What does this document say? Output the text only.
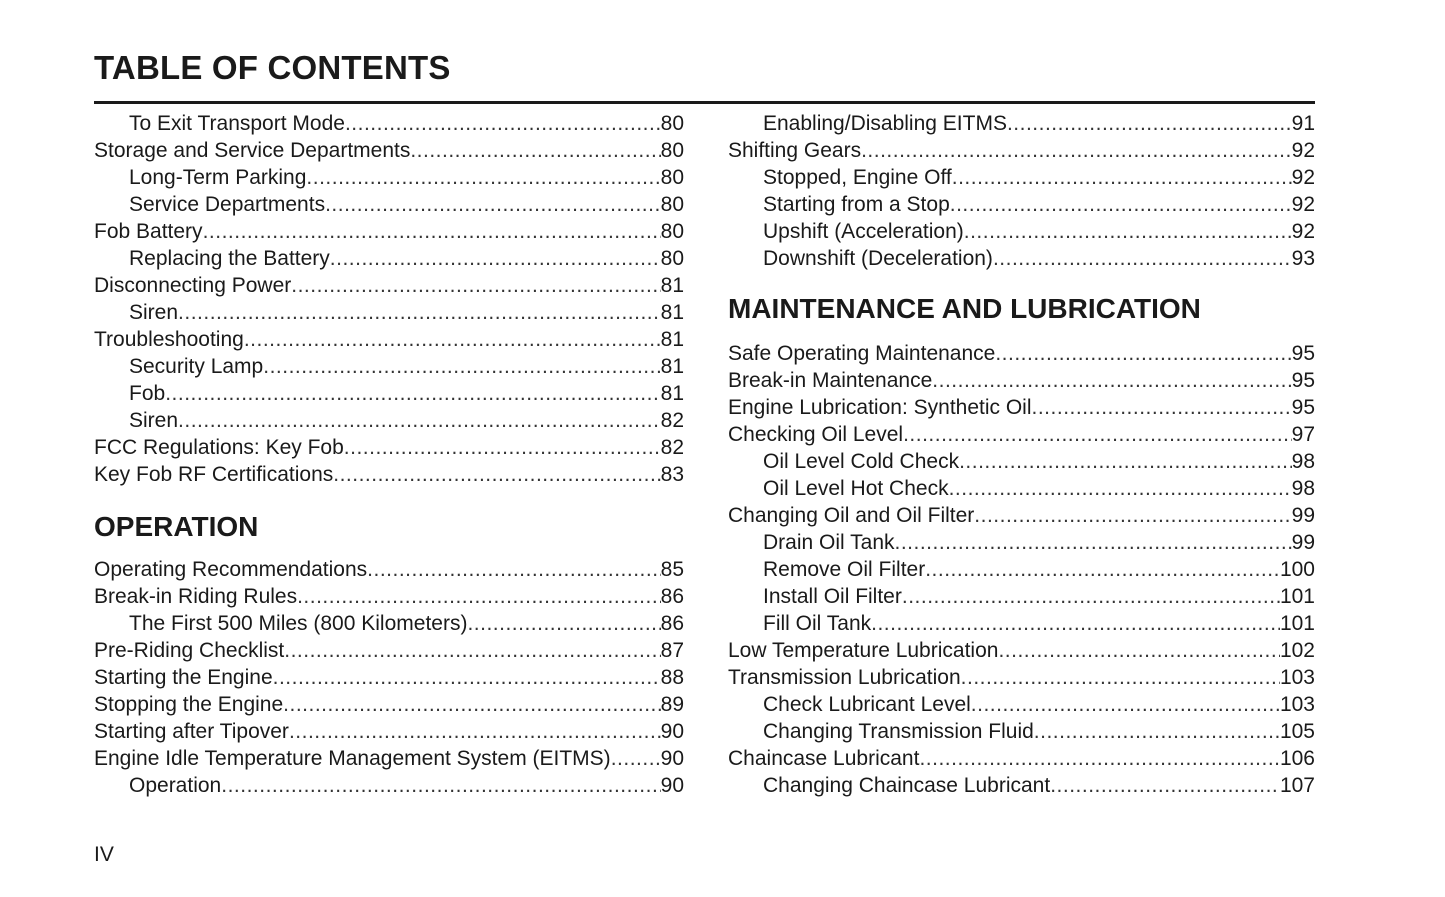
TABLE OF CONTENTS
To Exit Transport Mode .....	80
Storage and Service Departments .....	80
Long-Term Parking .....	80
Service Departments .....	80
Fob Battery .....	80
Replacing the Battery .....	80
Disconnecting Power .....	81
Siren .....	81
Troubleshooting .....	81
Security Lamp .....	81
Fob .....	81
Siren .....	82
FCC Regulations: Key Fob .....	82
Key Fob RF Certifications .....	83
OPERATION
Operating Recommendations .....	85
Break-in Riding Rules .....	86
The First 500 Miles (800 Kilometers) .....	86
Pre-Riding Checklist .....	87
Starting the Engine .....	88
Stopping the Engine .....	89
Starting after Tipover .....	90
Engine Idle Temperature Management System (EITMS) ..... 90
Operation .....	90
Enabling/Disabling EITMS .....	91
Shifting Gears .....	92
Stopped, Engine Off .....	92
Starting from a Stop .....	92
Upshift (Acceleration) .....	92
Downshift (Deceleration) .....	93
MAINTENANCE AND LUBRICATION
Safe Operating Maintenance .....	95
Break-in Maintenance .....	95
Engine Lubrication: Synthetic Oil .....	95
Checking Oil Level .....	97
Oil Level Cold Check .....	98
Oil Level Hot Check .....	98
Changing Oil and Oil Filter .....	99
Drain Oil Tank .....	99
Remove Oil Filter .....	100
Install Oil Filter .....	101
Fill Oil Tank .....	101
Low Temperature Lubrication .....	102
Transmission Lubrication .....	103
Check Lubricant Level .....	103
Changing Transmission Fluid .....	105
Chaincase Lubricant .....	106
Changing Chaincase Lubricant .....	107
IV
